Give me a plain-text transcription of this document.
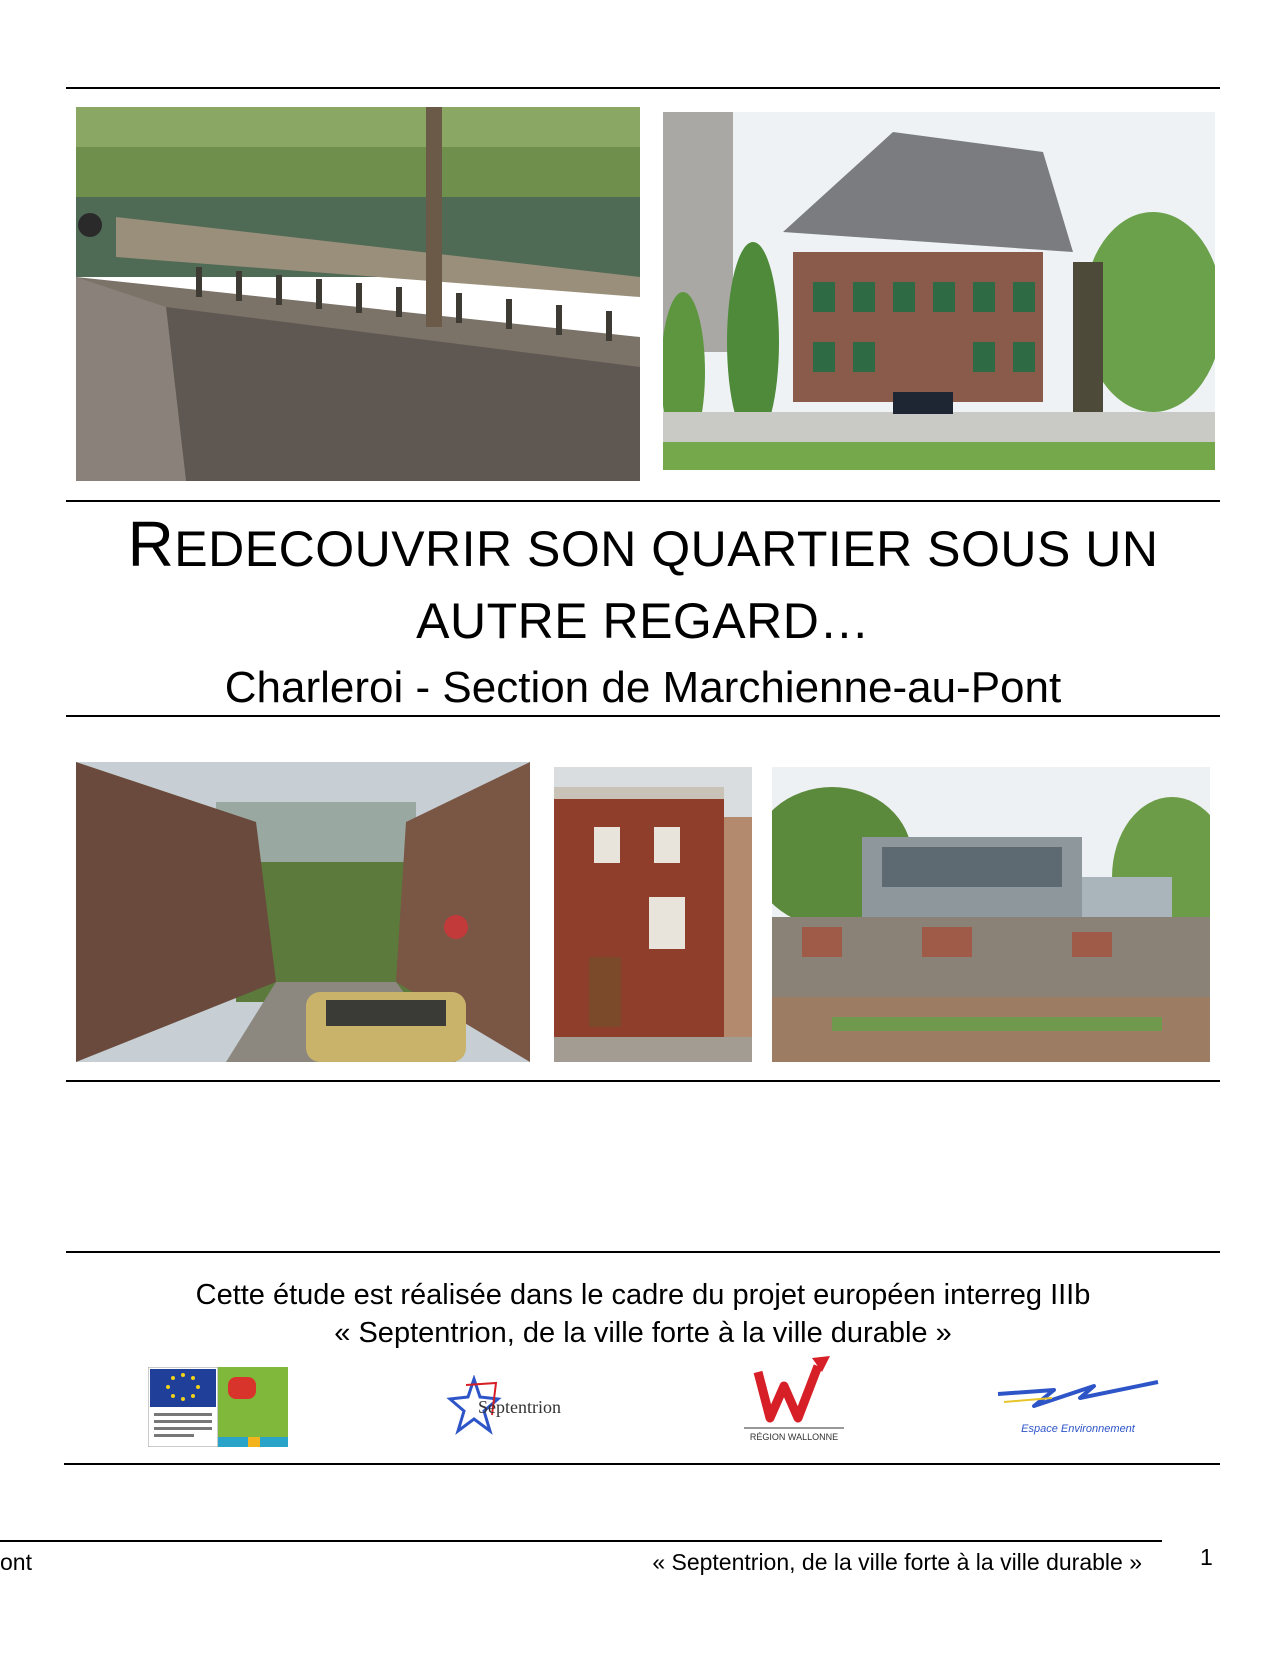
REDECOUVRIR SON QUARTIER SOUS UN
AUTRE REGARD…
Charleroi - Section de Marchienne-au-Pont
Cette étude est réalisée dans le cadre du projet européen interreg IIIb
« Septentrion, de la ville forte à la ville durable »
Septentrion
RÉGION WALLONNE
Espace Environnement
ont	« Septentrion, de la ville forte à la ville durable »	1
